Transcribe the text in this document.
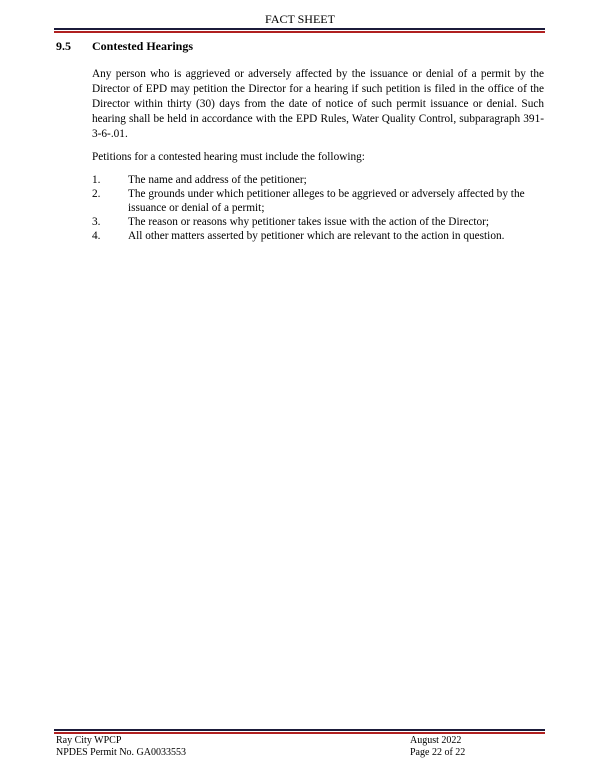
FACT SHEET
9.5 Contested Hearings
Any person who is aggrieved or adversely affected by the issuance or denial of a permit by the Director of EPD may petition the Director for a hearing if such petition is filed in the office of the Director within thirty (30) days from the date of notice of such permit issuance or denial. Such hearing shall be held in accordance with the EPD Rules, Water Quality Control, subparagraph 391-3-6-.01.
Petitions for a contested hearing must include the following:
1. The name and address of the petitioner;
2. The grounds under which petitioner alleges to be aggrieved or adversely affected by the issuance or denial of a permit;
3. The reason or reasons why petitioner takes issue with the action of the Director;
4. All other matters asserted by petitioner which are relevant to the action in question.
Ray City WPCP
NPDES Permit No. GA0033553
August 2022
Page 22 of 22
